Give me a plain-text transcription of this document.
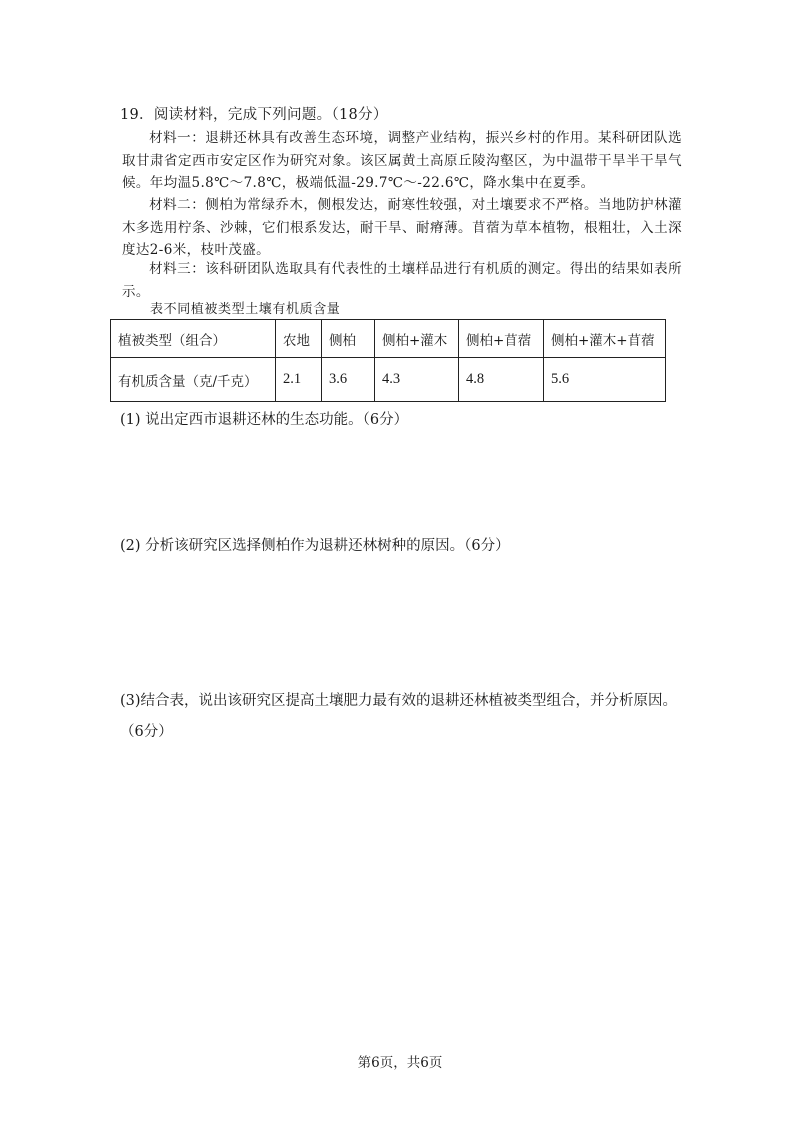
19．阅读材料，完成下列问题。（18分）
材料一：退耕还林具有改善生态环境，调整产业结构，振兴乡村的作用。某科研团队选取甘肃省定西市安定区作为研究对象。该区属黄土高原丘陵沟壑区，为中温带干旱半干旱气候。年均温5.8℃～7.8℃，极端低温-29.7℃～-22.6℃，降水集中在夏季。
材料二：侧柏为常绿乔木，侧根发达，耐寒性较强，对土壤要求不严格。当地防护林灌木多选用柠条、沙棘，它们根系发达，耐干旱、耐瘠薄。苜蓿为草本植物，根粗壮，入土深度达2-6米，枝叶茂盛。
材料三：该科研团队选取具有代表性的土壤样品进行有机质的测定。得出的结果如表所示。
表不同植被类型土壤有机质含量
植被类型（组合）	农地	侧柏	侧柏+灌木	侧柏+苜蓿	侧柏+灌木+苜蓿
有机质含量（克/千克）	2.1	3.6	4.3	4.8	5.6
(1) 说出定西市退耕还林的生态功能。（6分）
(2) 分析该研究区选择侧柏作为退耕还林树种的原因。（6分）
(3)结合表，说出该研究区提高土壤肥力最有效的退耕还林植被类型组合，并分析原因。（6分）
第6页，共6页
